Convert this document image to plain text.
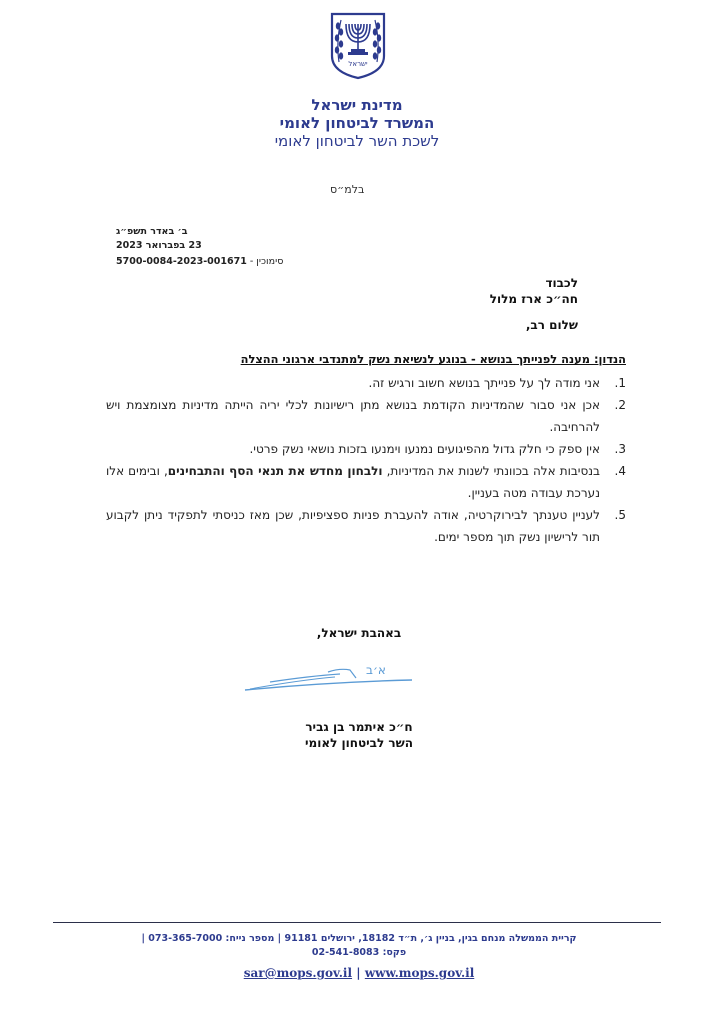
ישראל
מדינת ישראל
המשרד לביטחון לאומי
לשכת השר לביטחון לאומי
בלמ״ס
ב׳ באדר תשפ״ג
23 בפברואר 2023
סימוכין - 5700-0084-2023-001671
לכבוד
חה״כ ארז מלול
שלום רב,
הנדון: מענה לפנייתך בנושא - בנוגע לנשיאת נשק למתנדבי ארגוני ההצלה
1.
אני מודה לך על פנייתך בנושא חשוב ורגיש זה.
2.
אכן אני סבור שהמדיניות הקודמת בנושא מתן רישיונות לכלי יריה הייתה מדיניות מצומצמת ויש להרחיבה.
3.
אין ספק כי חלק גדול מהפיגועים נמנעו וימנעו בזכות נושאי נשק פרטי.
4.
בנסיבות אלה בכוונתי לשנות את המדיניות, ולבחון מחדש את תנאי הסף והתבחינים, ובימים אלו נערכת עבודה מטה בעניין.
5.
לעניין טענתך לבירוקרטיה, אודה להעברת פניות ספציפיות, שכן מאז כניסתי לתפקיד ניתן לקבוע תור לרישיון נשק תוך מספר ימים.
באהבת ישראל,
א׳ב
ח״כ איתמר בן גביר
השר לביטחון לאומי
קריית הממשלה מנחם בגין, בניין ג׳, ת״ד 18182, ירושלים 91181 | מספר נייח: 073-365-7000 |
פקס: 02-541-8083
sar@mops.gov.il | www.mops.gov.il
